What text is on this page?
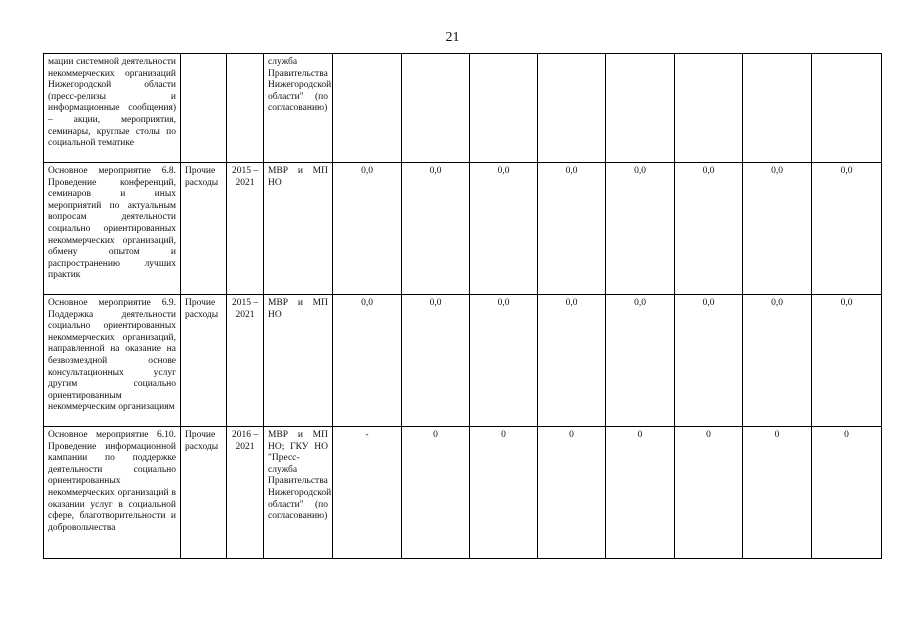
21
мации системной деятельности некоммерческих организаций Нижегородской области (пресс-релизы и информационные сообщения) – акции, мероприятия, семинары, круглые столы по социальной тематике			служба Правительства Нижегородской области" (по согласованию)								
Основное мероприятие 6.8. Проведение конференций, семинаров и иных мероприятий по актуальным вопросам деятельности социально ориентированных некоммерческих организаций, обмену опытом и распространению лучших практик	Прочие расходы	2015 – 2021	МВР и МП НО	0,0	0,0	0,0	0,0	0,0	0,0	0,0	0,0
Основное мероприятие 6.9. Поддержка деятельности социально ориентированных некоммерческих организаций, направленной на оказание на безвозмездной основе консультационных услуг другим социально ориентированным некоммерческим организациям	Прочие расходы	2015 – 2021	МВР и МП НО	0,0	0,0	0,0	0,0	0,0	0,0	0,0	0,0
Основное мероприятие 6.10. Проведение информационной кампании по поддержке деятельности социально ориентированных некоммерческих организаций в оказании услуг в социальной сфере, благотворительности и добровольчества	Прочие расходы	2016 – 2021	МВР и МП НО; ГКУ НО "Пресс-служба Правительства Нижегородской области" (по согласованию)	-	0	0	0	0	0	0	0
